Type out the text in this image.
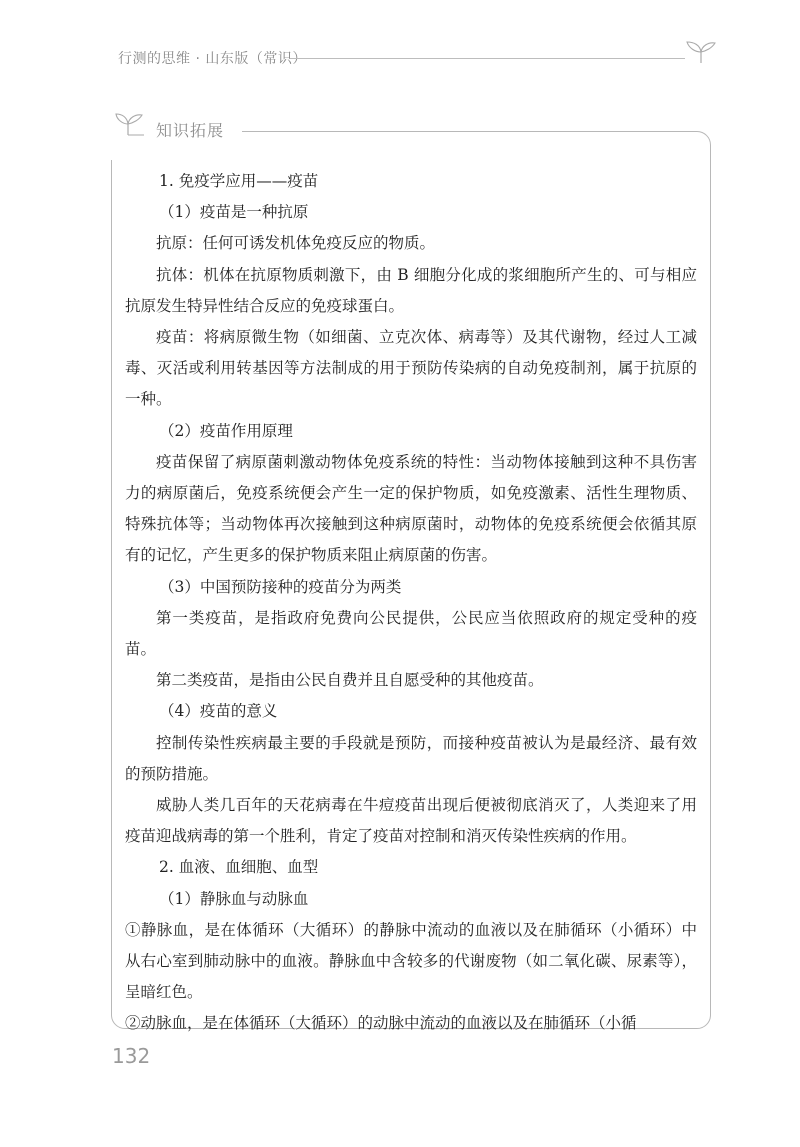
行测的思维 · 山东版（常识）
知识拓展

1. 免疫学应用——疫苗

（1）疫苗是一种抗原

抗原：任何可诱发机体免疫反应的物质。

抗体：机体在抗原物质刺激下，由 B 细胞分化成的浆细胞所产生的、可与相应抗原发生特异性结合反应的免疫球蛋白。

疫苗：将病原微生物（如细菌、立克次体、病毒等）及其代谢物，经过人工减毒、灭活或利用转基因等方法制成的用于预防传染病的自动免疫制剂，属于抗原的一种。

（2）疫苗作用原理

疫苗保留了病原菌刺激动物体免疫系统的特性：当动物体接触到这种不具伤害力的病原菌后，免疫系统便会产生一定的保护物质，如免疫激素、活性生理物质、特殊抗体等；当动物体再次接触到这种病原菌时，动物体的免疫系统便会依循其原有的记忆，产生更多的保护物质来阻止病原菌的伤害。

（3）中国预防接种的疫苗分为两类

第一类疫苗，是指政府免费向公民提供，公民应当依照政府的规定受种的疫苗。

第二类疫苗，是指由公民自费并且自愿受种的其他疫苗。

（4）疫苗的意义

控制传染性疾病最主要的手段就是预防，而接种疫苗被认为是最经济、最有效的预防措施。

威胁人类几百年的天花病毒在牛痘疫苗出现后便被彻底消灭了，人类迎来了用疫苗迎战病毒的第一个胜利，肯定了疫苗对控制和消灭传染性疾病的作用。

2. 血液、血细胞、血型

（1）静脉血与动脉血

①静脉血，是在体循环（大循环）的静脉中流动的血液以及在肺循环（小循环）中从右心室到肺动脉中的血液。静脉血中含较多的代谢废物（如二氧化碳、尿素等），呈暗红色。

②动脉血，是在体循环（大循环）的动脉中流动的血液以及在肺循环（小循

132
